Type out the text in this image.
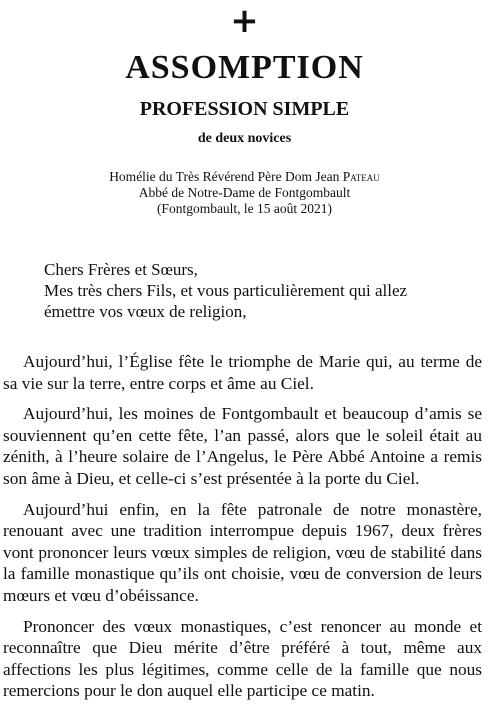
+
ASSOMPTION
PROFESSION SIMPLE
de deux novices
Homélie du Très Révérend Père Dom Jean Pateau
Abbé de Notre-Dame de Fontgombault
(Fontgombault, le 15 août 2021)
Chers Frères et Sœurs,
Mes très chers Fils, et vous particulièrement qui allez
émettre vos vœux de religion,

Aujourd’hui, l’Église fête le triomphe de Marie qui, au terme de sa vie sur la terre, entre corps et âme au Ciel.

Aujourd’hui, les moines de Fontgombault et beaucoup d’amis se souviennent qu’en cette fête, l’an passé, alors que le soleil était au zénith, à l’heure solaire de l’Angelus, le Père Abbé Antoine a remis son âme à Dieu, et celle-ci s’est présentée à la porte du Ciel.

Aujourd’hui enfin, en la fête patronale de notre monastère, renouant avec une tradition interrompue depuis 1967, deux frères vont prononcer leurs vœux simples de religion, vœu de stabilité dans la famille monastique qu’ils ont choisie, vœu de conversion de leurs mœurs et vœu d’obéissance.

Prononcer des vœux monastiques, c’est renoncer au monde et reconnaître que Dieu mérite d’être préféré à tout, même aux affections les plus légitimes, comme celle de la famille que nous remercions pour le don auquel elle participe ce matin.
